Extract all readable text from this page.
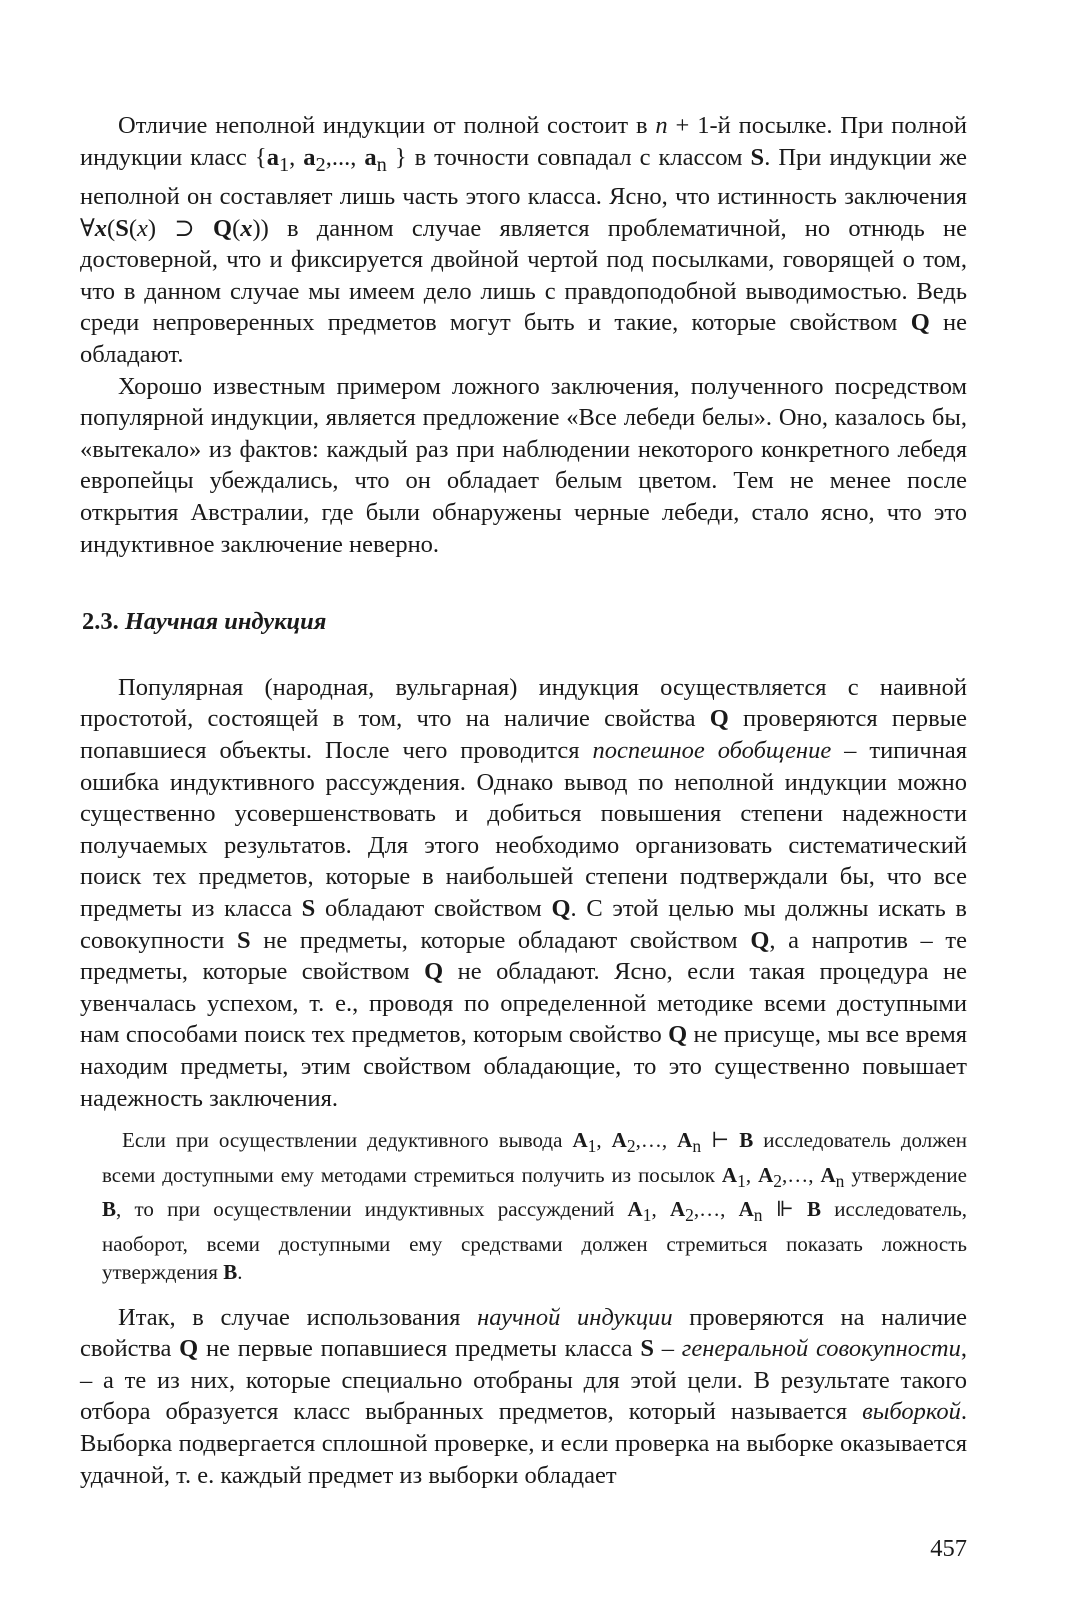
Отличие неполной индукции от полной состоит в n + 1-й посылке. При полной индукции класс {$a_1$, $a_2$,..., $a_n$ } в точности совпадал с классом S. При индукции же неполной он составляет лишь часть этого класса. Ясно, что истинность заключения ∀x(S(x) ⊃ Q(x)) в данном случае является проблематичной, но отнюдь не достоверной, что и фиксируется двойной чертой под посылками, говорящей о том, что в данном случае мы имеем дело лишь с правдоподобной выводимостью. Ведь среди непроверенных предметов могут быть и такие, которые свойством Q не обладают.

Хорошо известным примером ложного заключения, полученного посредством популярной индукции, является предложение «Все лебеди белы». Оно, казалось бы, «вытекало» из фактов: каждый раз при наблюдении некоторого конкретного лебедя европейцы убеждались, что он обладает белым цветом. Тем не менее после открытия Австралии, где были обнаружены черные лебеди, стало ясно, что это индуктивное заключение неверно.

2.3. Научная индукция

Популярная (народная, вульгарная) индукция осуществляется с наивной простотой, состоящей в том, что на наличие свойства Q проверяются первые попавшиеся объекты. После чего проводится поспешное обобщение – типичная ошибка индуктивного рассуждения. Однако вывод по неполной индукции можно существенно усовершенствовать и добиться повышения степени надежности получаемых результатов. Для этого необходимо организовать систематический поиск тех предметов, которые в наибольшей степени подтверждали бы, что все предметы из класса S обладают свойством Q. С этой целью мы должны искать в совокупности S не предметы, которые обладают свойством Q, а напротив – те предметы, которые свойством Q не обладают. Ясно, если такая процедура не увенчалась успехом, т. е., проводя по определенной методике всеми доступными нам способами поиск тех предметов, которым свойство Q не присуще, мы все время находим предметы, этим свойством обладающие, то это существенно повышает надежность заключения.

Если при осуществлении дедуктивного вывода $A_1$, $A_2,\dots$, $A_n$ ⊢ B исследователь должен всеми доступными ему методами стремиться получить из посылок $A_1$, $A_2,\dots$, $A_n$ утверждение B, то при осуществлении индуктивных рассуждений $A_1$, $A_2,\dots$, $A_n$ ⊩ B исследователь, наоборот, всеми доступными ему средствами должен стремиться показать ложность утверждения B.

Итак, в случае использования научной индукции проверяются на наличие свойства Q не первые попавшиеся предметы класса S – генеральной совокупности, – а те из них, которые специально отобраны для этой цели. В результате такого отбора образуется класс выбранных предметов, который называется выборкой. Выборка подвергается сплошной проверке, и если проверка на выборке оказывается удачной, т. е. каждый предмет из выборки обладает

457
